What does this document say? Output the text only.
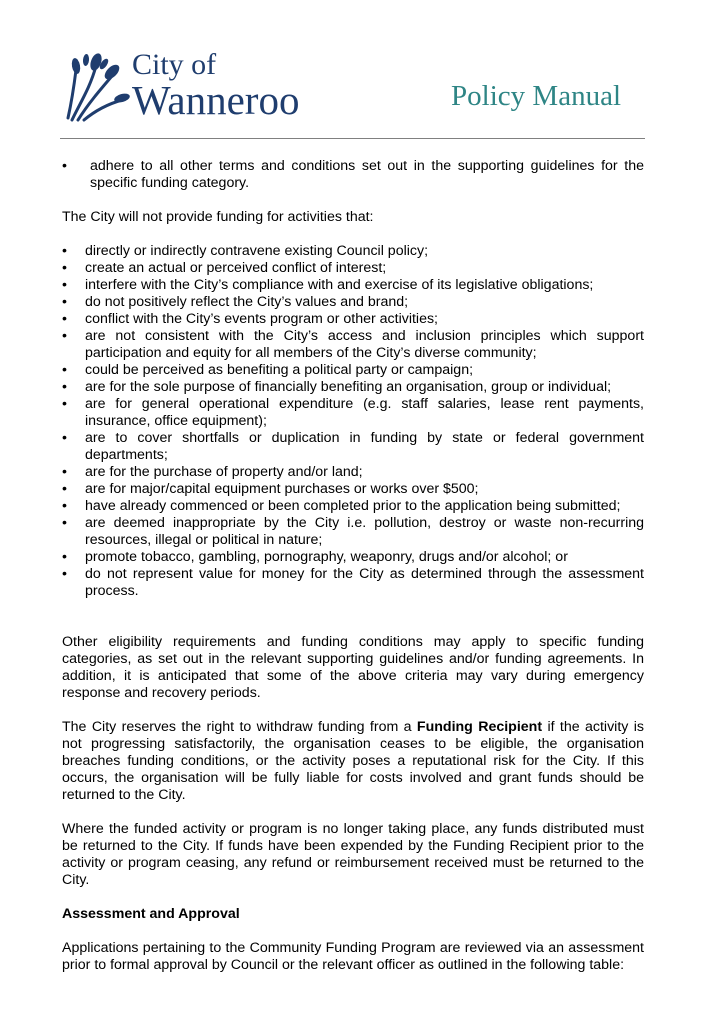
City of
Wanneroo	Policy Manual
• adhere to all other terms and conditions set out in the supporting guidelines for the specific funding category.

The City will not provide funding for activities that:

• directly or indirectly contravene existing Council policy;
• create an actual or perceived conflict of interest;
• interfere with the City’s compliance with and exercise of its legislative obligations;
• do not positively reflect the City’s values and brand;
• conflict with the City’s events program or other activities;
• are not consistent with the City’s access and inclusion principles which support participation and equity for all members of the City’s diverse community;
• could be perceived as benefiting a political party or campaign;
• are for the sole purpose of financially benefiting an organisation, group or individual;
• are for general operational expenditure (e.g. staff salaries, lease rent payments, insurance, office equipment);
• are to cover shortfalls or duplication in funding by state or federal government departments;
• are for the purchase of property and/or land;
• are for major/capital equipment purchases or works over $500;
• have already commenced or been completed prior to the application being submitted;
• are deemed inappropriate by the City i.e. pollution, destroy or waste non-recurring resources, illegal or political in nature;
• promote tobacco, gambling, pornography, weaponry, drugs and/or alcohol; or
• do not represent value for money for the City as determined through the assessment process.

Other eligibility requirements and funding conditions may apply to specific funding categories, as set out in the relevant supporting guidelines and/or funding agreements. In addition, it is anticipated that some of the above criteria may vary during emergency response and recovery periods.

The City reserves the right to withdraw funding from a Funding Recipient if the activity is not progressing satisfactorily, the organisation ceases to be eligible, the organisation breaches funding conditions, or the activity poses a reputational risk for the City. If this occurs, the organisation will be fully liable for costs involved and grant funds should be returned to the City.

Where the funded activity or program is no longer taking place, any funds distributed must be returned to the City. If funds have been expended by the Funding Recipient prior to the activity or program ceasing, any refund or reimbursement received must be returned to the City.

Assessment and Approval

Applications pertaining to the Community Funding Program are reviewed via an assessment prior to formal approval by Council or the relevant officer as outlined in the following table:
